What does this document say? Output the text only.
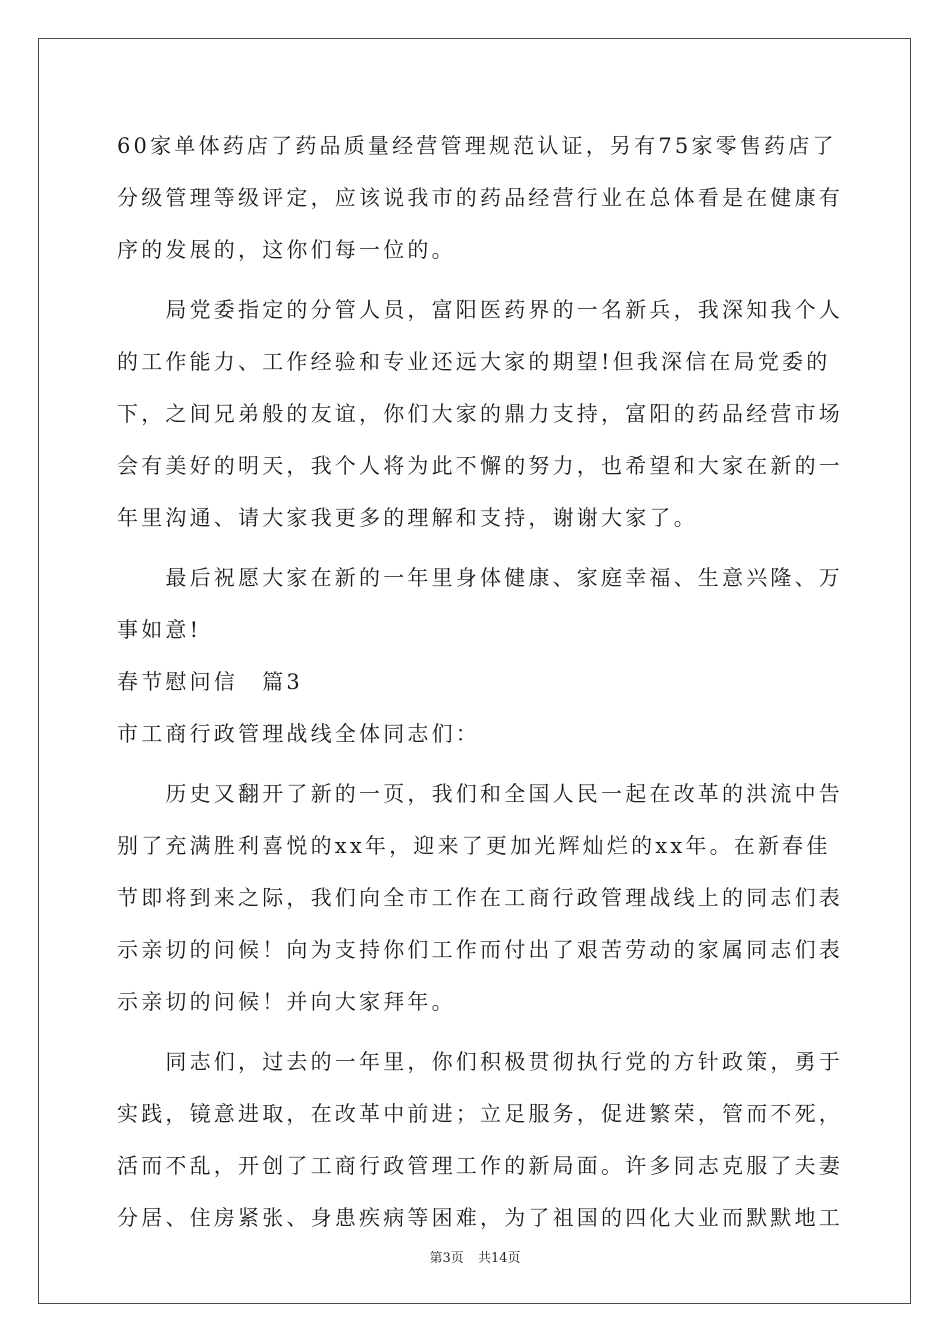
60家单体药店了药品质量经营管理规范认证，另有75家零售药店了
分级管理等级评定，应该说我市的药品经营行业在总体看是在健康有
序的发展的，这你们每一位的。
　　局党委指定的分管人员，富阳医药界的一名新兵，我深知我个人
的工作能力、工作经验和专业还远大家的期望!但我深信在局党委的
下，之间兄弟般的友谊，你们大家的鼎力支持，富阳的药品经营市场
会有美好的明天，我个人将为此不懈的努力，也希望和大家在新的一
年里沟通、请大家我更多的理解和支持，谢谢大家了。
　　最后祝愿大家在新的一年里身体健康、家庭幸福、生意兴隆、万
事如意!
春节慰问信　篇3
市工商行政管理战线全体同志们：
　　历史又翻开了新的一页，我们和全国人民一起在改革的洪流中告
别了充满胜利喜悦的xx年，迎来了更加光辉灿烂的xx年。在新春佳
节即将到来之际，我们向全市工作在工商行政管理战线上的同志们表
示亲切的问候！向为支持你们工作而付出了艰苦劳动的家属同志们表
示亲切的问候！并向大家拜年。
　　同志们，过去的一年里，你们积极贯彻执行党的方针政策，勇于
实践，镜意进取，在改革中前进；立足服务，促进繁荣，管而不死，
活而不乱，开创了工商行政管理工作的新局面。许多同志克服了夫妻
分居、住房紧张、身患疾病等困难，为了祖国的四化大业而默默地工
第3页 共14页
